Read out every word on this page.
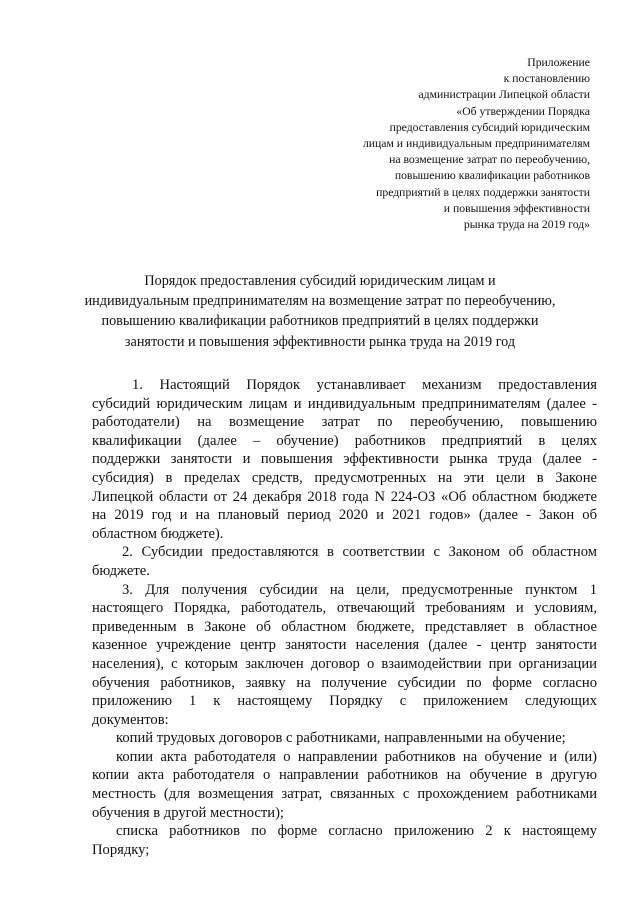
Приложение
к постановлению
администрации Липецкой области
«Об утверждении Порядка
предоставления субсидий юридическим
лицам и индивидуальным предпринимателям
на возмещение затрат по переобучению,
повышению квалификации работников
предприятий в целях поддержки занятости
и повышения эффективности
рынка труда на 2019 год»
Порядок предоставления субсидий юридическим лицам и
индивидуальным предпринимателям на возмещение затрат по переобучению,
повышению квалификации работников предприятий в целях поддержки
занятости и повышения эффективности рынка труда на 2019 год

1. Настоящий Порядок устанавливает механизм предоставления

субсидий юридическим лицам и индивидуальным предпринимателям (далее -

работодатели) на возмещение затрат по переобучению, повышению

квалификации (далее – обучение) работников предприятий в целях

поддержки занятости и повышения эффективности рынка труда (далее -

субсидия) в пределах средств, предусмотренных на эти цели в Законе

Липецкой области от 24 декабря 2018 года N 224-ОЗ «Об областном бюджете

на 2019 год и на плановый период 2020 и 2021 годов» (далее - Закон об

областном бюджете).

2. Субсидии предоставляются в соответствии с Законом об областном

бюджете.

3. Для получения субсидии на цели, предусмотренные пунктом 1

настоящего Порядка, работодатель, отвечающий требованиям и условиям,

приведенным в Законе об областном бюджете, представляет в областное

казенное учреждение центр занятости населения (далее - центр занятости

населения), с которым заключен договор о взаимодействии при организации

обучения работников, заявку на получение субсидии по форме согласно

приложению 1 к настоящему Порядку с приложением следующих

документов:

копий трудовых договоров с работниками, направленными на обучение;

копии акта работодателя о направлении работников на обучение и (или)

копии акта работодателя о направлении работников на обучение в другую

местность (для возмещения затрат, связанных с прохождением работниками

обучения в другой местности);

списка работников по форме согласно приложению 2 к настоящему

Порядку;
